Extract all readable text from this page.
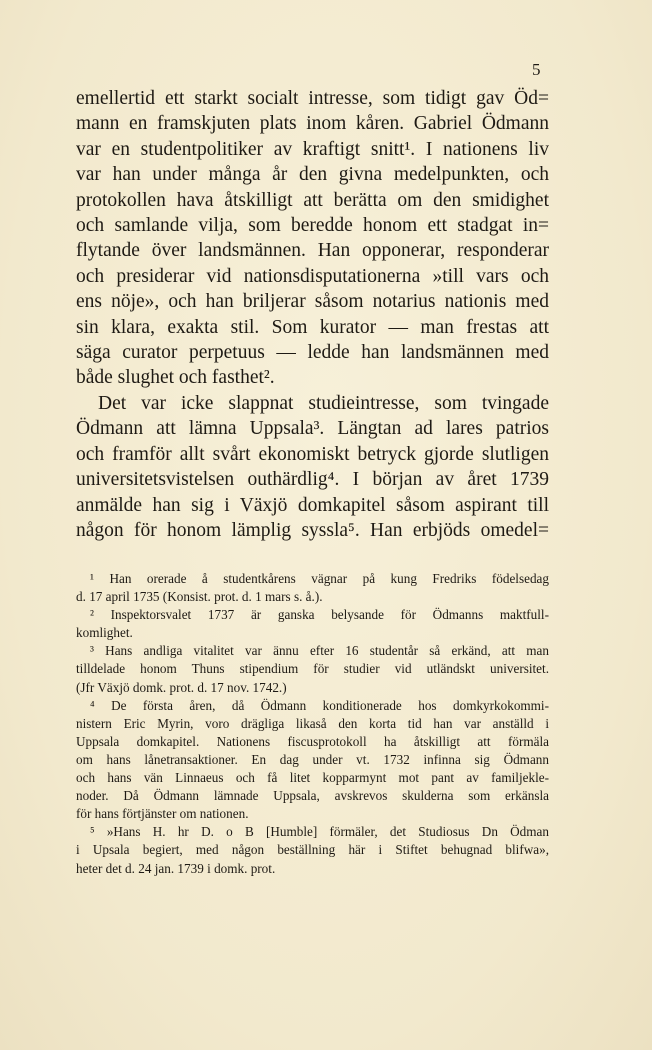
5
emellertid ett starkt socialt intresse, som tidigt gav Öd=
mann en framskjuten plats inom kåren. Gabriel Ödmann
var en studentpolitiker av kraftigt snitt¹. I nationens liv
var han under många år den givna medelpunkten, och
protokollen hava åtskilligt att berätta om den smidighet
och samlande vilja, som beredde honom ett stadgat in=
flytande över landsmännen. Han opponerar, responderar
och presiderar vid nationsdisputationerna »till vars och
ens nöje», och han briljerar såsom notarius nationis med
sin klara, exakta stil. Som kurator — man frestas att
säga curator perpetuus — ledde han landsmännen med
både slughet och fasthet².
Det var icke slappnat studieintresse, som tvingade
Ödmann att lämna Uppsala³. Längtan ad lares patrios
och framför allt svårt ekonomiskt betryck gjorde slutligen
universitetsvistelsen outhärdlig⁴. I början av året 1739
anmälde han sig i Växjö domkapitel såsom aspirant till
någon för honom lämplig syssla⁵. Han erbjöds omedel=
¹ Han orerade å studentkårens vägnar på kung Fredriks födelsedag
d. 17 april 1735 (Konsist. prot. d. 1 mars s. å.).
² Inspektorsvalet 1737 är ganska belysande för Ödmanns maktfull-
komlighet.
³ Hans andliga vitalitet var ännu efter 16 studentår så erkänd, att man
tilldelade honom Thuns stipendium för studier vid utländskt universitet.
(Jfr Växjö domk. prot. d. 17 nov. 1742.)
⁴ De första åren, då Ödmann konditionerade hos domkyrkokommi-
nistern Eric Myrin, voro drägliga likaså den korta tid han var anställd i
Uppsala domkapitel. Nationens fiscusprotokoll ha åtskilligt att förmäla
om hans lånetransaktioner. En dag under vt. 1732 infinna sig Ödmann
och hans vän Linnaeus och få litet kopparmynt mot pant av familjekle-
noder. Då Ödmann lämnade Uppsala, avskrevos skulderna som erkänsla
för hans förtjänster om nationen.
⁵ »Hans H. hr D. o B [Humble] förmäler, det Studiosus Dn Ödman
i Upsala begiert, med någon beställning här i Stiftet behugnad blifwa»,
heter det d. 24 jan. 1739 i domk. prot.
